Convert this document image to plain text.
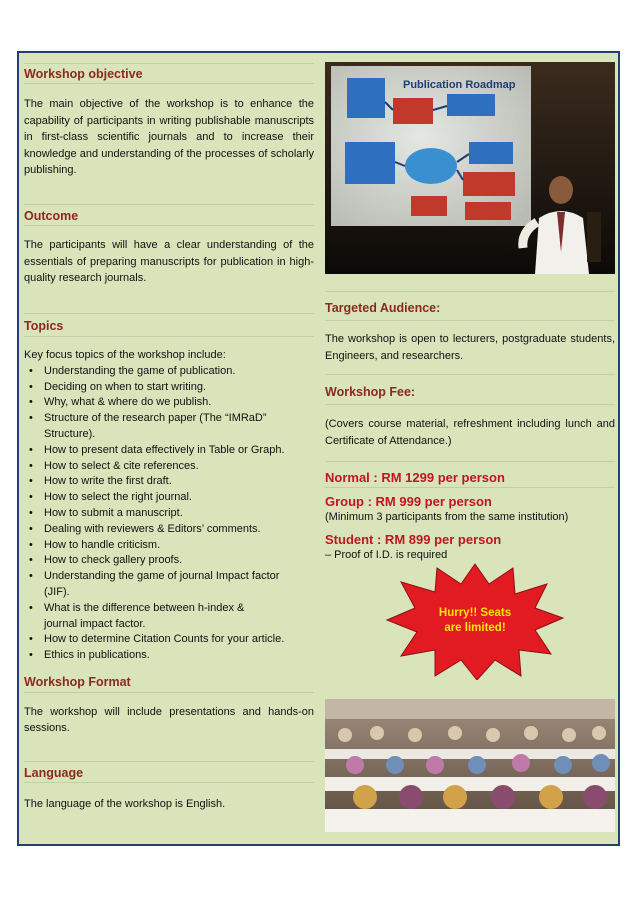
Workshop objective
The main objective of the workshop is to enhance the capability of participants in writing publishable manuscripts in first-class scientific journals and to increase their knowledge and understanding of the processes of scholarly publishing.
Outcome
The participants will have a clear understanding of the essentials of preparing manuscripts for publication in high-quality research journals.
Topics
Key focus topics of the workshop include:
• Understanding the game of publication.
• Deciding on when to start writing.
• Why, what & where do we publish.
• Structure of the research paper (The “IMRaD” Structure).
• How to present data effectively in Table or Graph.
• How to select & cite references.
• How to write the first draft.
• How to select the right journal.
• How to submit a manuscript.
• Dealing with reviewers & Editors’ comments.
• How to handle criticism.
• How to check gallery proofs.
• Understanding the game of journal Impact factor (JIF).
• What is the difference between h-index & journal impact factor.
• How to determine Citation Counts for your article.
• Ethics in publications.
Workshop Format
The workshop will include presentations and hands-on sessions.
Language
The language of the workshop is English.
Publication Roadmap
Targeted Audience:
The workshop is open to lecturers, postgraduate students, Engineers, and researchers.
Workshop Fee:
(Covers course material, refreshment including lunch and Certificate of Attendance.)
Normal : RM 1299 per person
Group : RM 999 per person
(Minimum 3 participants from the same institution)
Student : RM 899 per person
– Proof of I.D. is required
Hurry!! Seats
are limited!
